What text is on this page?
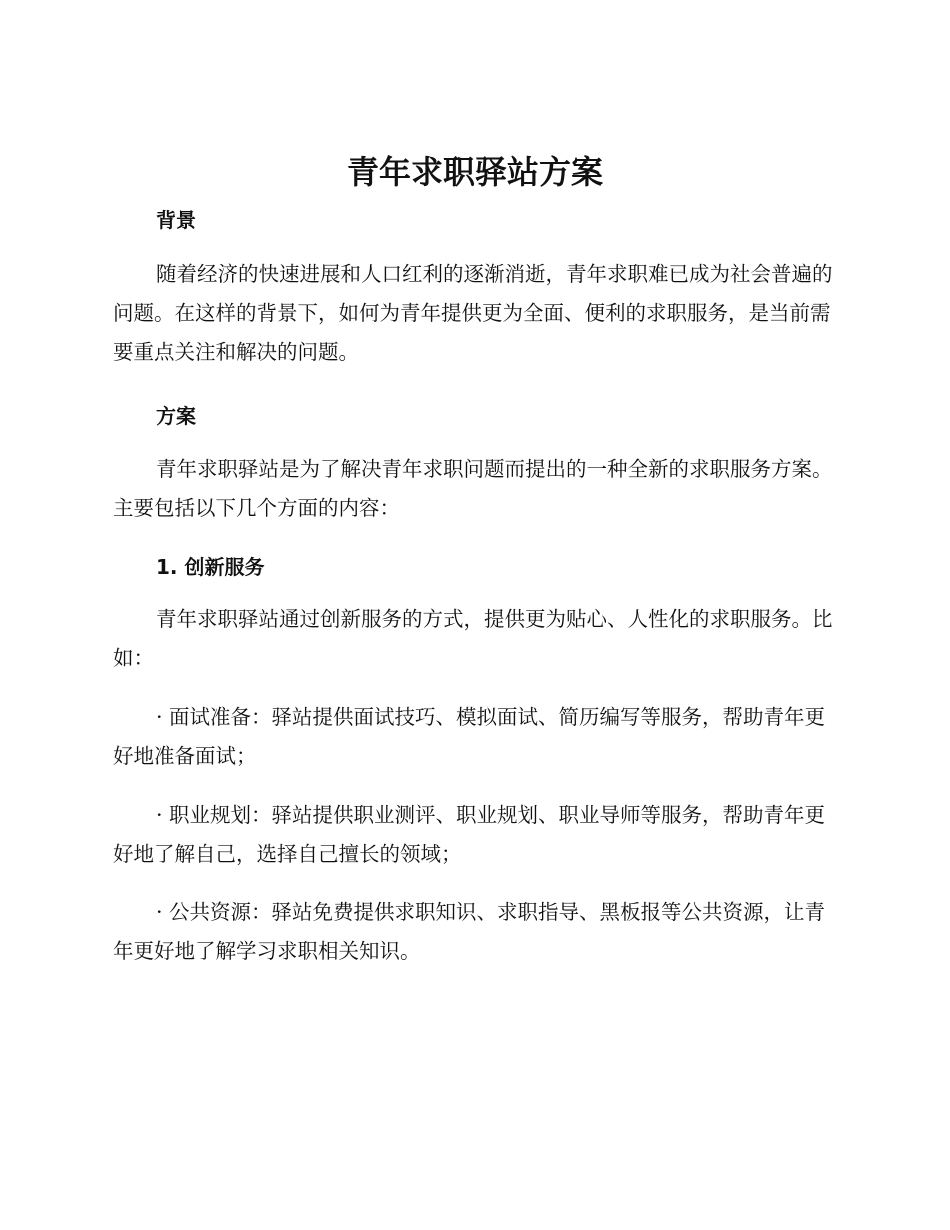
青年求职驿站方案
背景

随着经济的快速进展和人口红利的逐渐消逝，青年求职难已成为社会普遍的问题。在这样的背景下，如何为青年提供更为全面、便利的求职服务，是当前需要重点关注和解决的问题。

方案

青年求职驿站是为了解决青年求职问题而提出的一种全新的求职服务方案。主要包括以下几个方面的内容：

1. 创新服务

青年求职驿站通过创新服务的方式，提供更为贴心、人性化的求职服务。比如：

· 面试准备：驿站提供面试技巧、模拟面试、简历编写等服务，帮助青年更好地准备面试；

· 职业规划：驿站提供职业测评、职业规划、职业导师等服务，帮助青年更好地了解自己，选择自己擅长的领域；

· 公共资源：驿站免费提供求职知识、求职指导、黑板报等公共资源，让青年更好地了解学习求职相关知识。
